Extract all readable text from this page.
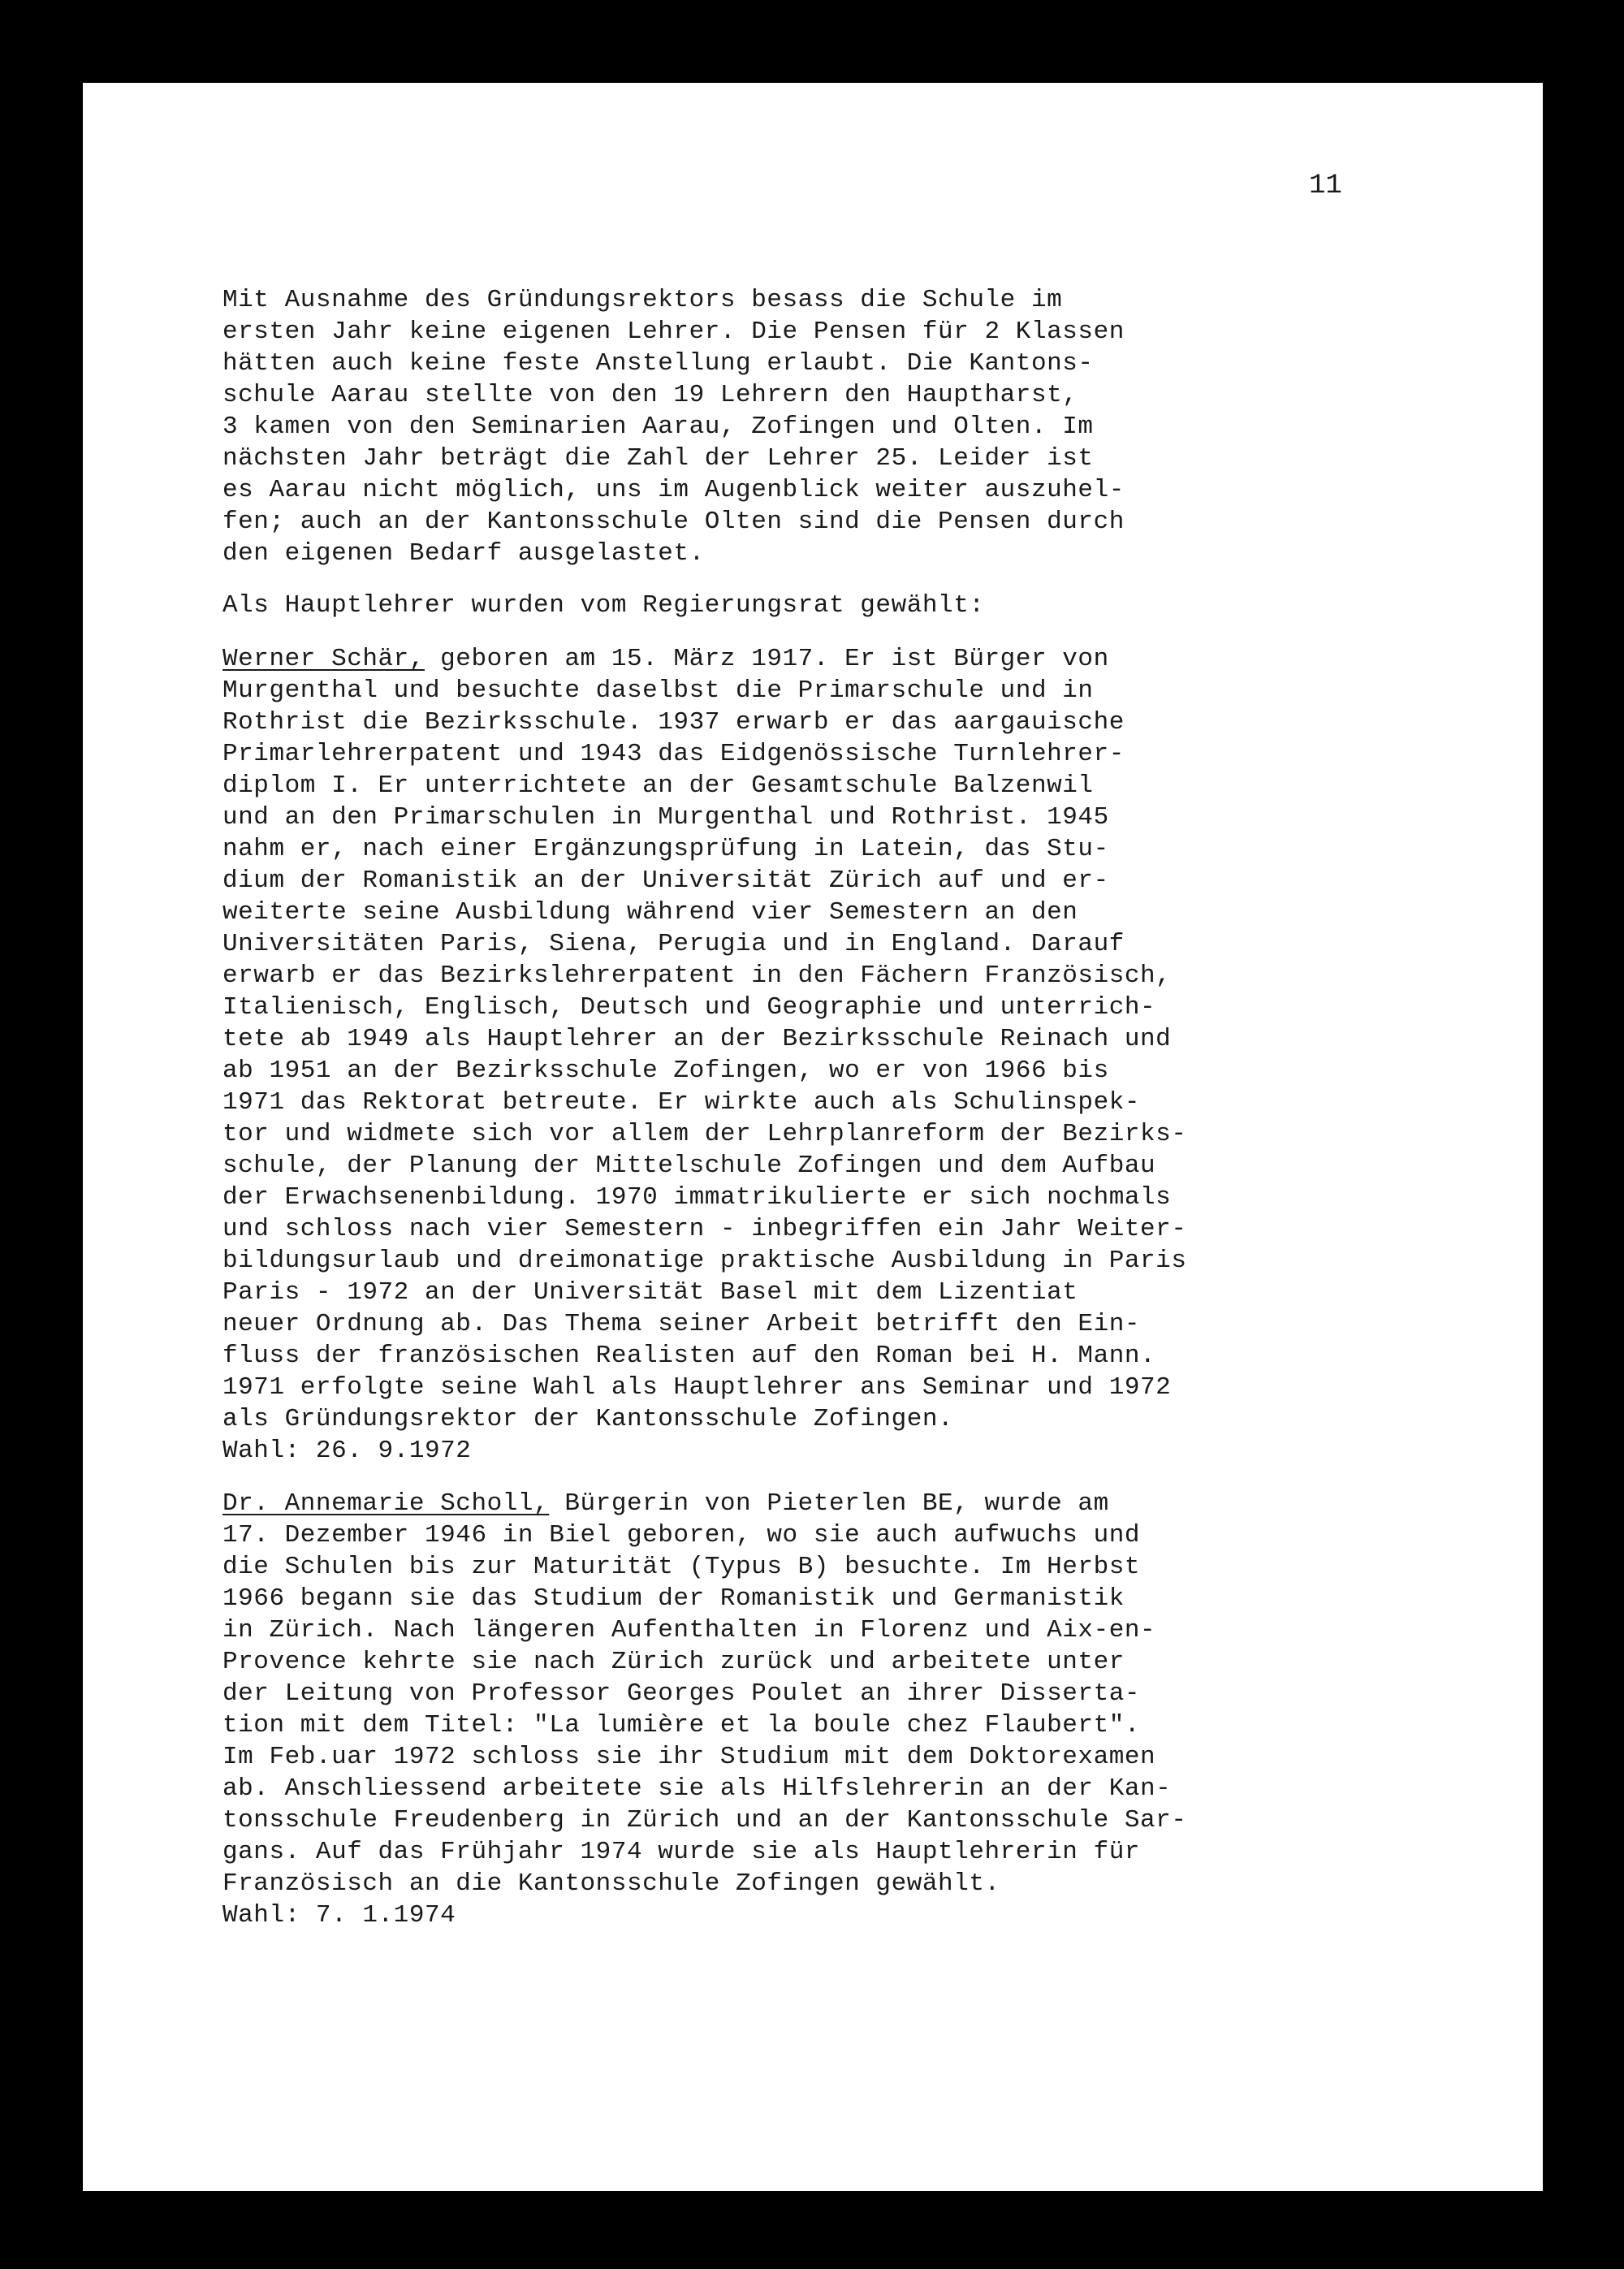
11
Mit Ausnahme des Gründungsrektors besass die Schule im
ersten Jahr keine eigenen Lehrer. Die Pensen für 2 Klassen
hätten auch keine feste Anstellung erlaubt. Die Kantons-
schule Aarau stellte von den 19 Lehrern den Hauptharst,
3 kamen von den Seminarien Aarau, Zofingen und Olten. Im
nächsten Jahr beträgt die Zahl der Lehrer 25. Leider ist
es Aarau nicht möglich, uns im Augenblick weiter auszuhel-
fen; auch an der Kantonsschule Olten sind die Pensen durch
den eigenen Bedarf ausgelastet.
Als Hauptlehrer wurden vom Regierungsrat gewählt:
Werner Schär, geboren am 15. März 1917. Er ist Bürger von
Murgenthal und besuchte daselbst die Primarschule und in
Rothrist die Bezirksschule. 1937 erwarb er das aargauische
Primarlehrerpatent und 1943 das Eidgenössische Turnlehrer-
diplom I. Er unterrichtete an der Gesamtschule Balzenwil
und an den Primarschulen in Murgenthal und Rothrist. 1945
nahm er, nach einer Ergänzungsprüfung in Latein, das Stu-
dium der Romanistik an der Universität Zürich auf und er-
weiterte seine Ausbildung während vier Semestern an den
Universitäten Paris, Siena, Perugia und in England. Darauf
erwarb er das Bezirkslehrerpatent in den Fächern Französisch,
Italienisch, Englisch, Deutsch und Geographie und unterrich-
tete ab 1949 als Hauptlehrer an der Bezirksschule Reinach und
ab 1951 an der Bezirksschule Zofingen, wo er von 1966 bis
1971 das Rektorat betreute. Er wirkte auch als Schulinspek-
tor und widmete sich vor allem der Lehrplanreform der Bezirks-
schule, der Planung der Mittelschule Zofingen und dem Aufbau
der Erwachsenenbildung. 1970 immatrikulierte er sich nochmals
und schloss nach vier Semestern - inbegriffen ein Jahr Weiter-
bildungsurlaub und dreimonatige praktische Ausbildung in Paris
Paris - 1972 an der Universität Basel mit dem Lizentiat
neuer Ordnung ab. Das Thema seiner Arbeit betrifft den Ein-
fluss der französischen Realisten auf den Roman bei H. Mann.
1971 erfolgte seine Wahl als Hauptlehrer ans Seminar und 1972
als Gründungsrektor der Kantonsschule Zofingen.
Wahl: 26. 9.1972
Dr. Annemarie Scholl, Bürgerin von Pieterlen BE, wurde am
17. Dezember 1946 in Biel geboren, wo sie auch aufwuchs und
die Schulen bis zur Maturität (Typus B) besuchte. Im Herbst
1966 begann sie das Studium der Romanistik und Germanistik
in Zürich. Nach längeren Aufenthalten in Florenz und Aix-en-
Provence kehrte sie nach Zürich zurück und arbeitete unter
der Leitung von Professor Georges Poulet an ihrer Disserta-
tion mit dem Titel: "La lumière et la boule chez Flaubert".
Im Feb.uar 1972 schloss sie ihr Studium mit dem Doktorexamen
ab. Anschliessend arbeitete sie als Hilfslehrerin an der Kan-
tonsschule Freudenberg in Zürich und an der Kantonsschule Sar-
gans. Auf das Frühjahr 1974 wurde sie als Hauptlehrerin für
Französisch an die Kantonsschule Zofingen gewählt.
Wahl: 7. 1.1974
